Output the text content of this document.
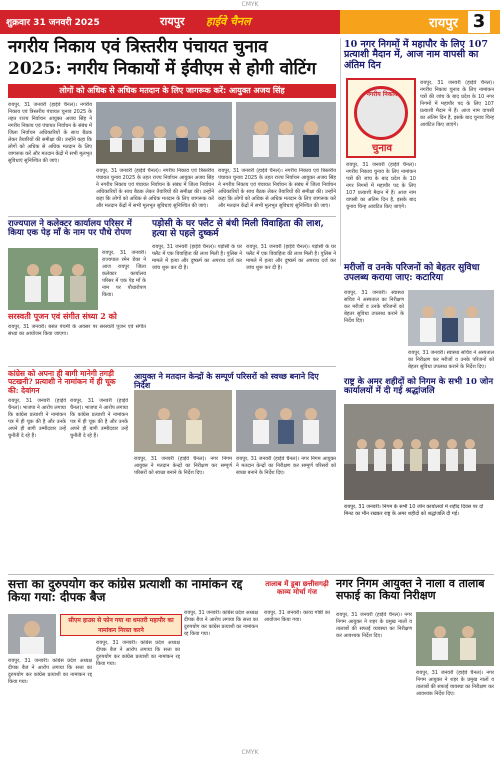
CMYK
शुक्रवार 31 जनवरी 2025	रायपुर हाईवे चैनल	रायपुर 3
नगरीय निकाय एवं त्रिस्तरीय पंचायत चुनाव
2025: नगरीय निकायों में ईवीएम से होगी वोटिंग
लोगों को अधिक से अधिक मतदान के लिए जागरूक करें: आयुक्त अजय सिंह
रायपुर, 31 जनवरी (हाईवे चैनल)। नगरीय निकाय एवं त्रिस्तरीय पंचायत चुनाव 2025 के तहत राज्य निर्वाचन आयुक्त अजय सिंह ने नगरीय निकाय एवं पंचायत निर्वाचन के संबंध में जिला निर्वाचन अधिकारियों के साथ बैठक लेकर तैयारियों की समीक्षा की। उन्होंने कहा कि लोगों को अधिक से अधिक मतदान के लिए जागरूक करें और मतदान केंद्रों में सभी मूलभूत सुविधाएं सुनिश्चित की जाएं।
रायपुर, 31 जनवरी (हाईवे चैनल)। नगरीय निकाय एवं त्रिस्तरीय पंचायत चुनाव 2025 के तहत राज्य निर्वाचन आयुक्त अजय सिंह ने नगरीय निकाय एवं पंचायत निर्वाचन के संबंध में जिला निर्वाचन अधिकारियों के साथ बैठक लेकर तैयारियों की समीक्षा की। उन्होंने कहा कि लोगों को अधिक से अधिक मतदान के लिए जागरूक करें और मतदान केंद्रों में सभी मूलभूत सुविधाएं सुनिश्चित की जाएं।
रायपुर, 31 जनवरी (हाईवे चैनल)। नगरीय निकाय एवं त्रिस्तरीय पंचायत चुनाव 2025 के तहत राज्य निर्वाचन आयुक्त अजय सिंह ने नगरीय निकाय एवं पंचायत निर्वाचन के संबंध में जिला निर्वाचन अधिकारियों के साथ बैठक लेकर तैयारियों की समीक्षा की। उन्होंने कहा कि लोगों को अधिक से अधिक मतदान के लिए जागरूक करें और मतदान केंद्रों में सभी मूलभूत सुविधाएं सुनिश्चित की जाएं।
10 नगर निगमों में महापौर के लिए 107 प्रत्याशी मैदान में, आज नाम वापसी का अंतिम दिन
नगरीय निकाय
चुनाव
रायपुर, 31 जनवरी (हाईवे चैनल)। नगरीय निकाय चुनाव के लिए नामांकन पत्रों की जांच के बाद प्रदेश के 10 नगर निगमों में महापौर पद के लिए 107 प्रत्याशी मैदान में हैं। आज नाम वापसी का अंतिम दिन है, इसके बाद चुनाव चिन्ह आवंटित किए जाएंगे।
रायपुर, 31 जनवरी (हाईवे चैनल)। नगरीय निकाय चुनाव के लिए नामांकन पत्रों की जांच के बाद प्रदेश के 10 नगर निगमों में महापौर पद के लिए 107 प्रत्याशी मैदान में हैं। आज नाम वापसी का अंतिम दिन है, इसके बाद चुनाव चिन्ह आवंटित किए जाएंगे।
राज्यपाल ने कलेक्टर कार्यालय परिसर में किया एक पेड़ माँ के नाम पर पौधे रोपण
रायपुर, 31 जनवरी। राज्यपाल रमेन डेका ने आज रायपुर जिला कलेक्टर कार्यालय परिसर में एक पेड़ माँ के नाम पर पौधारोपण किया।
सरस्वती पूजन एवं संगीत संध्या 2 को
रायपुर, 31 जनवरी। बसंत पंचमी के अवसर पर सरस्वती पूजन एवं संगीत संध्या का आयोजन किया जाएगा।
पड़ोसी के घर फ्लैट से बंधी मिली विवाहिता की लाश, हत्या से पहले दुष्कर्म
रायपुर, 31 जनवरी (हाईवे चैनल)। पड़ोसी के घर फ्लैट में एक विवाहिता की लाश मिली है। पुलिस ने मामले में हत्या और दुष्कर्म का अपराध दर्ज कर जांच शुरू कर दी है।
रायपुर, 31 जनवरी (हाईवे चैनल)। पड़ोसी के घर फ्लैट में एक विवाहिता की लाश मिली है। पुलिस ने मामले में हत्या और दुष्कर्म का अपराध दर्ज कर जांच शुरू कर दी है।	मरीजों व उनके परिजनों को बेहतर सुविधा उपलब्ध कराया जाए: कटारिया
रायपुर, 31 जनवरी। स्वास्थ्य सचिव ने अस्पताल का निरीक्षण कर मरीजों व उनके परिजनों को बेहतर सुविधा उपलब्ध कराने के निर्देश दिए।
रायपुर, 31 जनवरी। स्वास्थ्य सचिव ने अस्पताल का निरीक्षण कर मरीजों व उनके परिजनों को बेहतर सुविधा उपलब्ध कराने के निर्देश दिए।
कांग्रेस को अपना ही बागी मानेगी तगड़ी पटखनी? प्रत्याशी ने नामांकन में ही चूक की: देवांगन
रायपुर, 31 जनवरी (हाईवे चैनल)। भाजपा ने आरोप लगाया कि कांग्रेस प्रत्याशी ने नामांकन पत्र में ही चूक की है और उनके अपने ही बागी उम्मीदवार उन्हें चुनौती दे रहे हैं।
रायपुर, 31 जनवरी (हाईवे चैनल)। भाजपा ने आरोप लगाया कि कांग्रेस प्रत्याशी ने नामांकन पत्र में ही चूक की है और उनके अपने ही बागी उम्मीदवार उन्हें चुनौती दे रहे हैं।
आयुक्त ने मतदान केन्द्रों के सम्पूर्ण परिसरों को स्वच्छ बनाने दिए निर्देश
रायपुर, 31 जनवरी (हाईवे चैनल)। नगर निगम आयुक्त ने मतदान केन्द्रों का निरीक्षण कर सम्पूर्ण परिसरों को स्वच्छ बनाने के निर्देश दिए।
रायपुर, 31 जनवरी (हाईवे चैनल)। नगर निगम आयुक्त ने मतदान केन्द्रों का निरीक्षण कर सम्पूर्ण परिसरों को स्वच्छ बनाने के निर्देश दिए।
राष्ट्र के अमर शहीदों को निगम के सभी 10 जोन कार्यालयों में दी गई श्रद्धांजलि
रायपुर, 31 जनवरी। निगम के सभी 10 जोन कार्यालयों में शहीद दिवस पर दो मिनट का मौन रखकर राष्ट्र के अमर शहीदों को श्रद्धांजलि दी गई।
सत्ता का दुरुपयोग कर कांग्रेस प्रत्याशी का नामांकन रद्द किया गया: दीपक बैज
सीएम हाउस से फोन गया था धमतरी महापौर का नामांकन निरस्त करने
रायपुर, 31 जनवरी। कांग्रेस प्रदेश अध्यक्ष दीपक बैज ने आरोप लगाया कि सत्ता का दुरुपयोग कर कांग्रेस प्रत्याशी का नामांकन रद्द किया गया।
रायपुर, 31 जनवरी। कांग्रेस प्रदेश अध्यक्ष दीपक बैज ने आरोप लगाया कि सत्ता का दुरुपयोग कर कांग्रेस प्रत्याशी का नामांकन रद्द किया गया।
रायपुर, 31 जनवरी। कांग्रेस प्रदेश अध्यक्ष दीपक बैज ने आरोप लगाया कि सत्ता का दुरुपयोग कर कांग्रेस प्रत्याशी का नामांकन रद्द किया गया।
तालाब में डूबा छत्तीसगढ़ी काव्य मोर्चा गंज
रायपुर, 31 जनवरी। काव्य गोष्ठी का आयोजन किया गया।
नगर निगम आयुक्त ने नाला व तालाब सफाई का किया निरीक्षण
रायपुर, 31 जनवरी (हाईवे चैनल)। नगर निगम आयुक्त ने शहर के प्रमुख नालों व तालाबों की सफाई व्यवस्था का निरीक्षण कर आवश्यक निर्देश दिए।
रायपुर, 31 जनवरी (हाईवे चैनल)। नगर निगम आयुक्त ने शहर के प्रमुख नालों व तालाबों की सफाई व्यवस्था का निरीक्षण कर आवश्यक निर्देश दिए।
CMYK
